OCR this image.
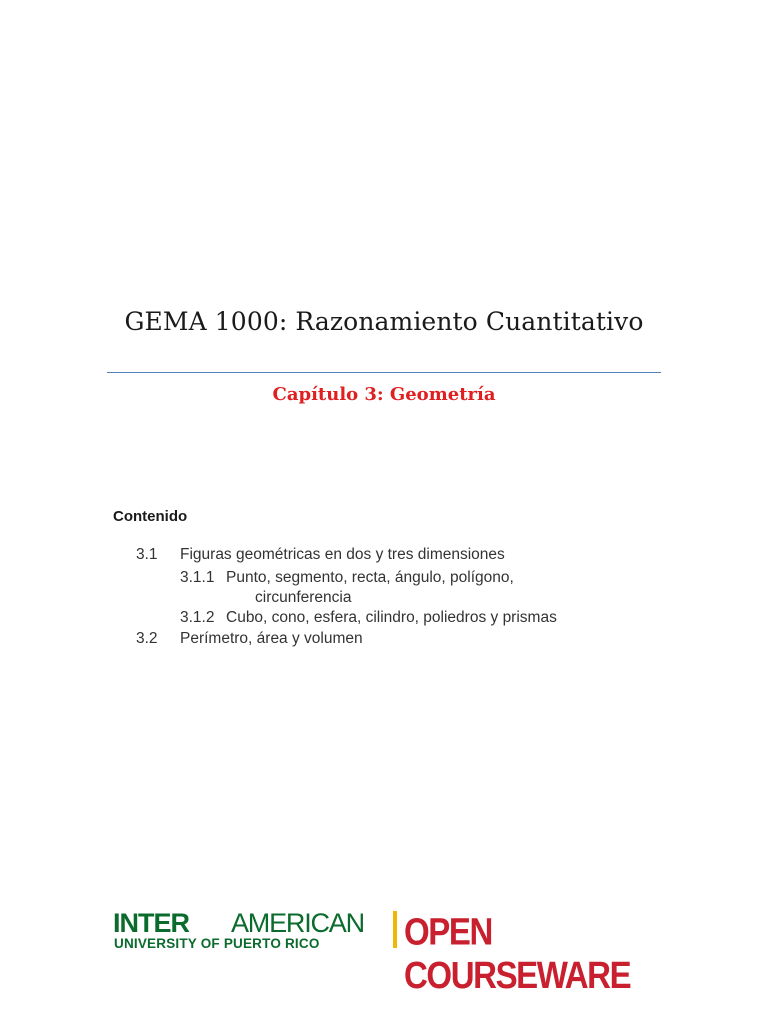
GEMA 1000: Razonamiento Cuantitativo
Capítulo 3: Geometría
Contenido
3.1 Figuras geométricas en dos y tres dimensiones
3.1.1 Punto, segmento, recta, ángulo, polígono,
circunferencia
3.1.2 Cubo, cono, esfera, cilindro, poliedros y prismas
3.2 Perímetro, área y volumen
INTER AMERICAN
UNIVERSITY OF PUERTO RICO	OPEN COURSEWARE
